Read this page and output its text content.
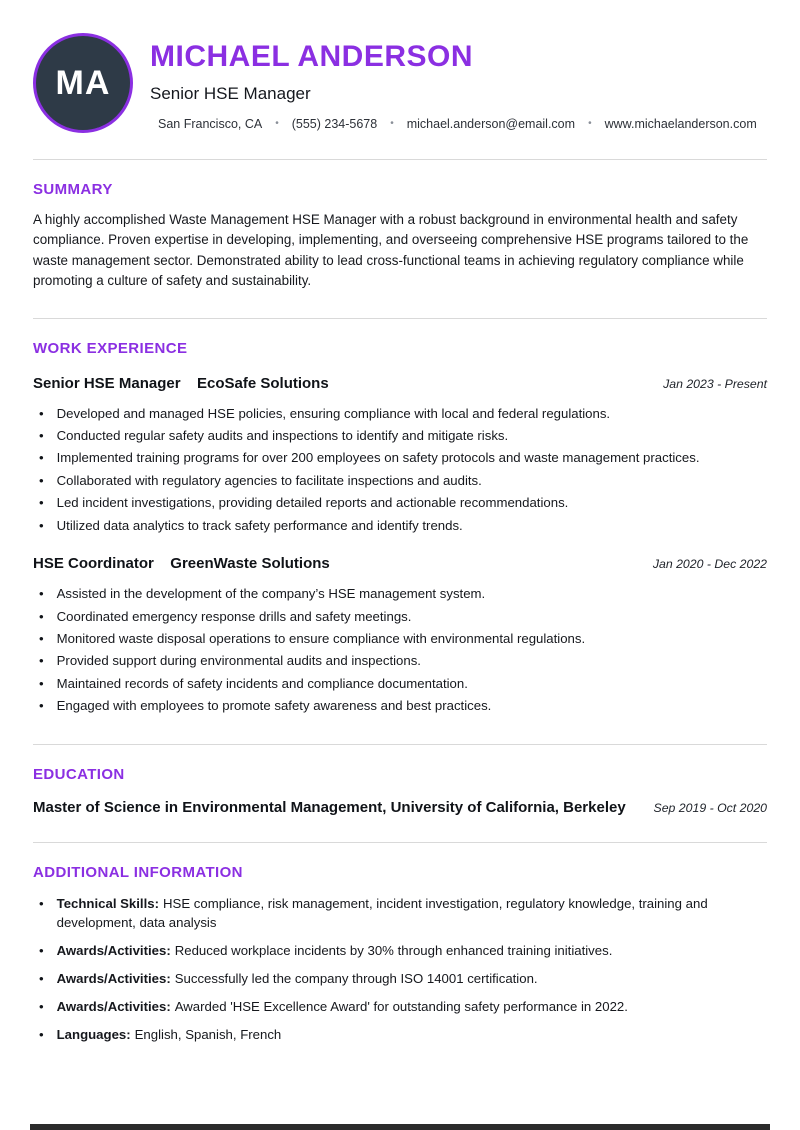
MA
MICHAEL ANDERSON
Senior HSE Manager
San Francisco, CA • (555) 234-5678 • michael.anderson@email.com • www.michaelanderson.com
SUMMARY

A highly accomplished Waste Management HSE Manager with a robust background in environmental health and safety compliance. Proven expertise in developing, implementing, and overseeing comprehensive HSE programs tailored to the waste management sector. Demonstrated ability to lead cross-functional teams in achieving regulatory compliance while promoting a culture of safety and sustainability.

WORK EXPERIENCE
Senior HSE Manager EcoSafe Solutions	Jan 2023 - Present
• Developed and managed HSE policies, ensuring compliance with local and federal regulations.
• Conducted regular safety audits and inspections to identify and mitigate risks.
• Implemented training programs for over 200 employees on safety protocols and waste management practices.
• Collaborated with regulatory agencies to facilitate inspections and audits.
• Led incident investigations, providing detailed reports and actionable recommendations.
• Utilized data analytics to track safety performance and identify trends.
HSE Coordinator GreenWaste Solutions	Jan 2020 - Dec 2022
• Assisted in the development of the company’s HSE management system.
• Coordinated emergency response drills and safety meetings.
• Monitored waste disposal operations to ensure compliance with environmental regulations.
• Provided support during environmental audits and inspections.
• Maintained records of safety incidents and compliance documentation.
• Engaged with employees to promote safety awareness and best practices.
EDUCATION
Master of Science in Environmental Management, University of California, Berkeley Sep 2019 - Oct 2020
ADDITIONAL INFORMATION
• Technical Skills: HSE compliance, risk management, incident investigation, regulatory knowledge, training and development, data analysis
• Awards/Activities: Reduced workplace incidents by 30% through enhanced training initiatives.
• Awards/Activities: Successfully led the company through ISO 14001 certification.
• Awards/Activities: Awarded 'HSE Excellence Award' for outstanding safety performance in 2022.
• Languages: English, Spanish, French
